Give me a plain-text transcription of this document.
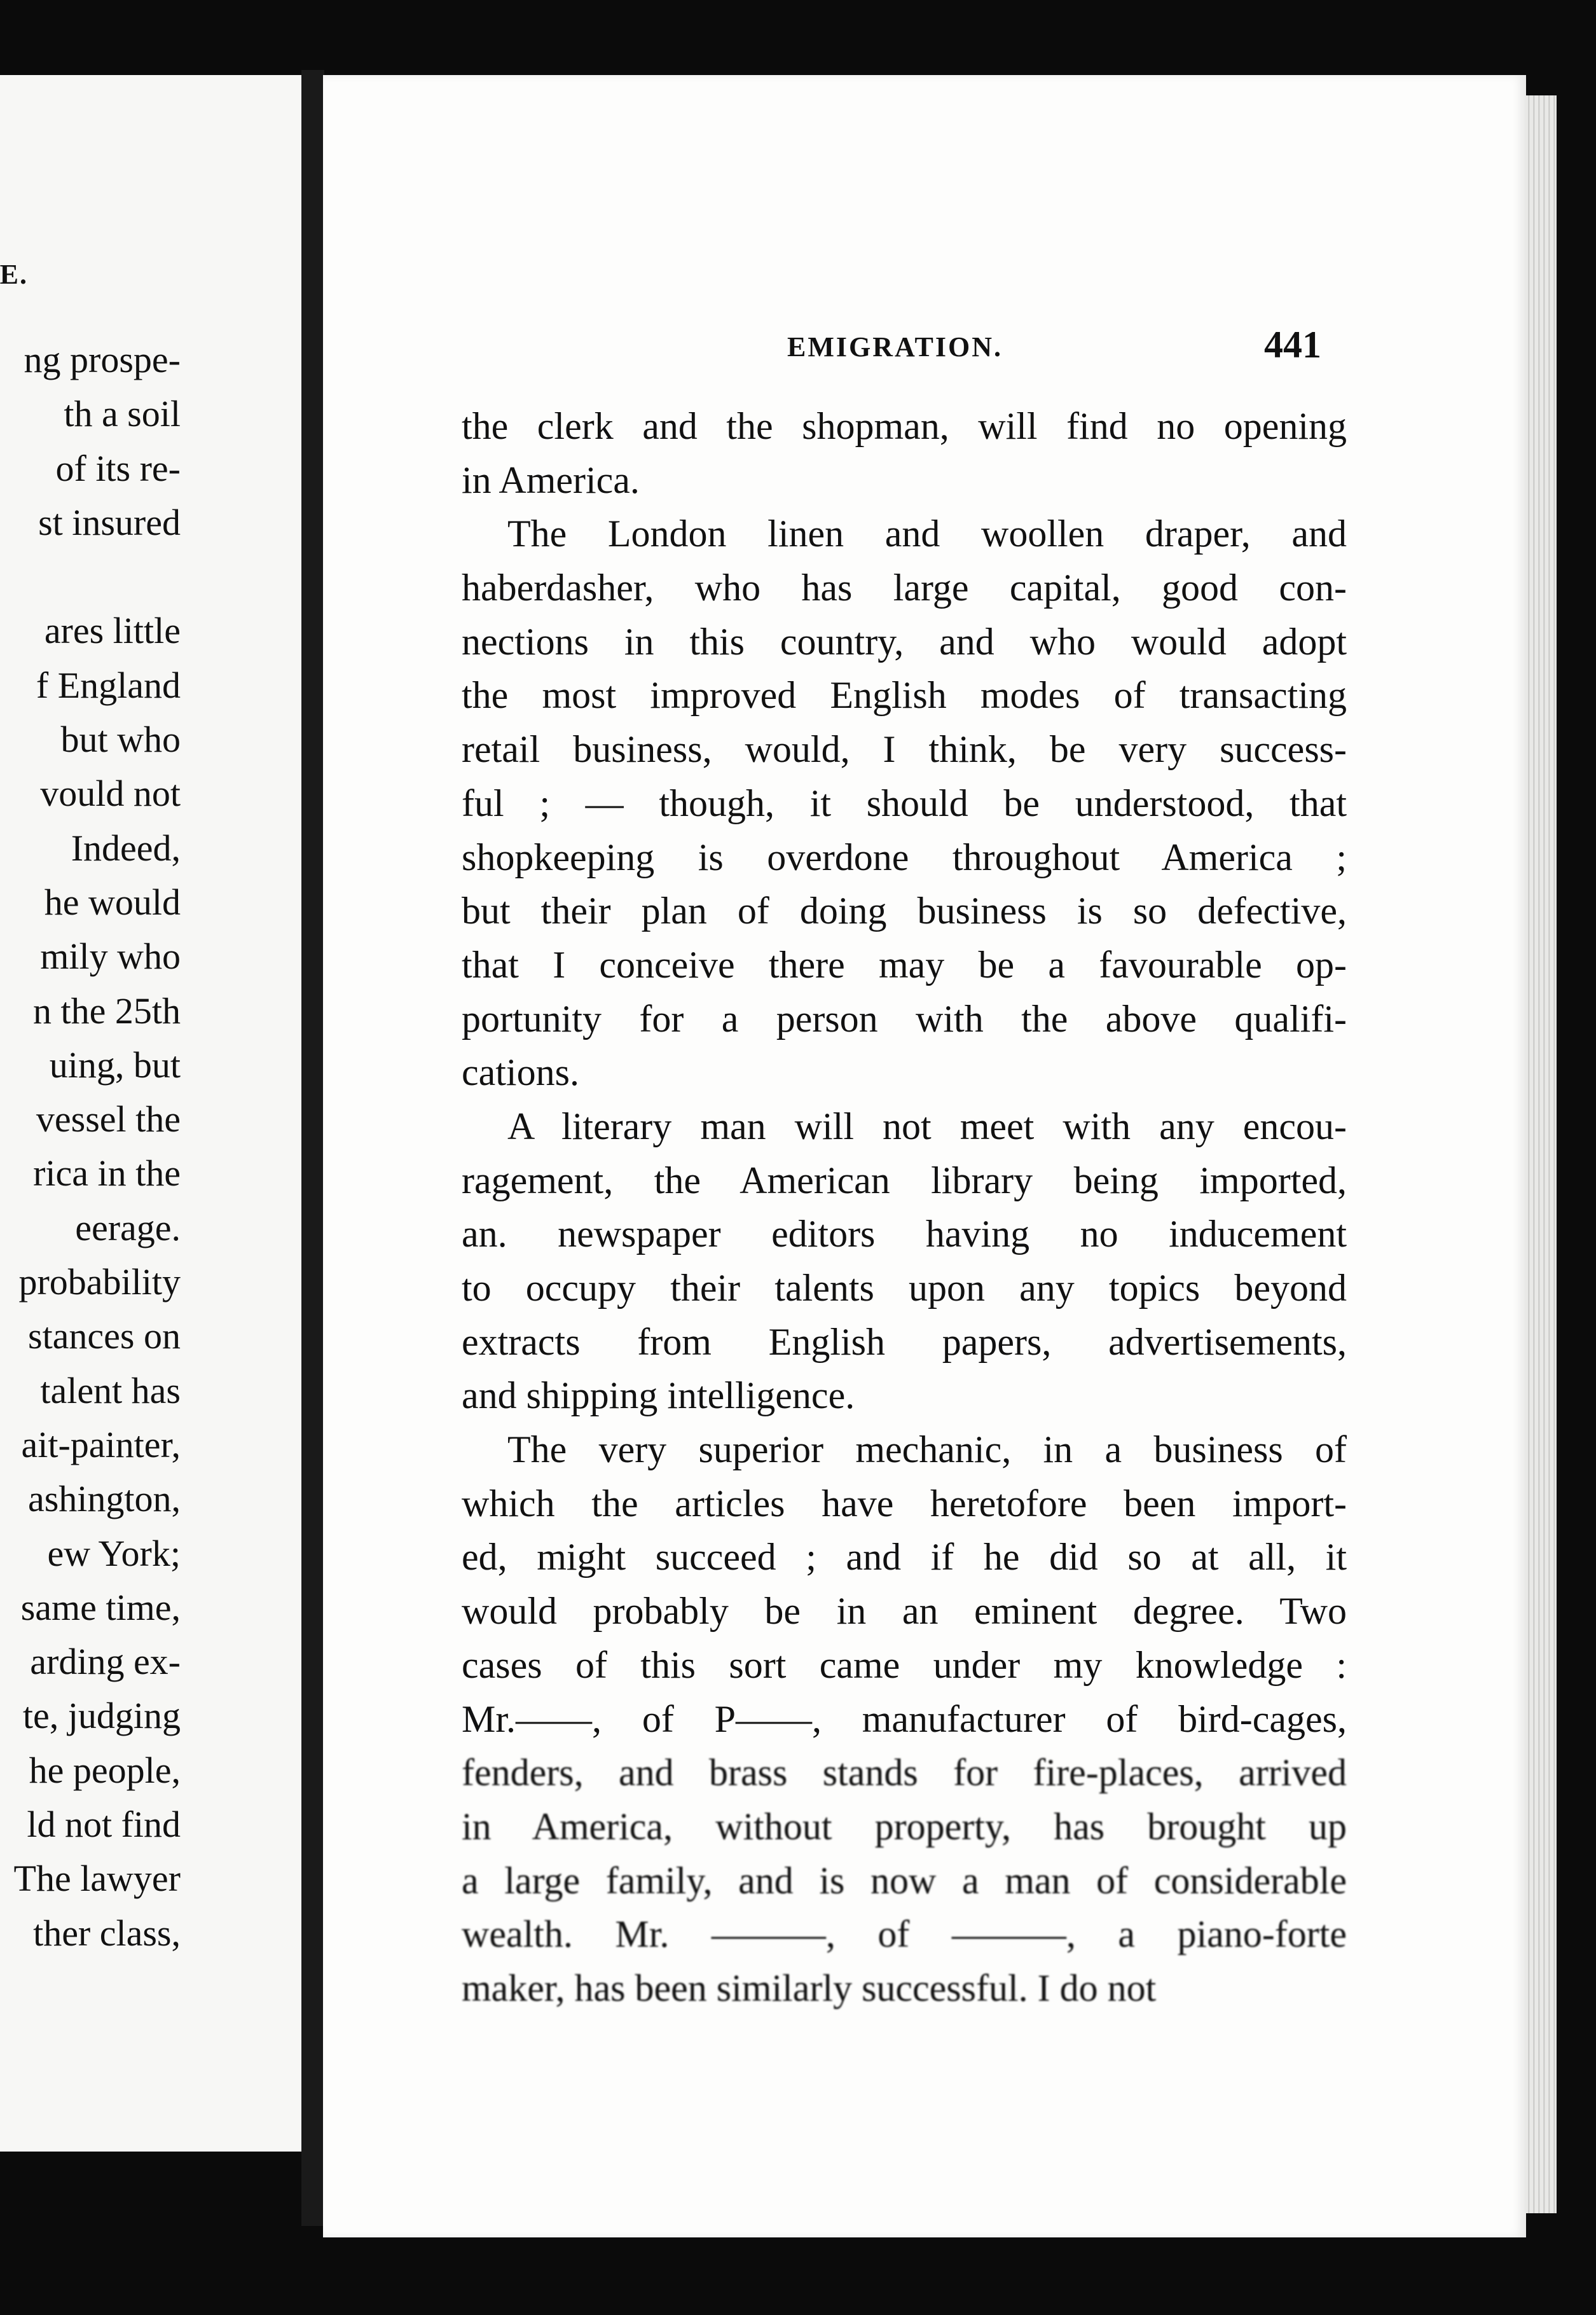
E.
ng prospe-
th a soil
of its re-
st insured

ares little
f England
but who
vould not
Indeed,
he would
mily who
n the 25th
uing, but
vessel the
rica in the
eerage.
probability
stances on
talent has
ait-painter,
ashington,
ew York;
same time,
arding ex-
te, judging
he people,
ld not find
The lawyer
ther class,
EMIGRATION.	441
the clerk and the shopman, will find no opening
in America.
The London linen and woollen draper, and
haberdasher, who has large capital, good con-
nections in this country, and who would adopt
the most improved English modes of transacting
retail business, would, I think, be very success-
ful ; — though, it should be understood, that
shopkeeping is overdone throughout America ;
but their plan of doing business is so defective,
that I conceive there may be a favourable op-
portunity for a person with the above qualifi-
cations.
A literary man will not meet with any encou-
ragement, the American library being imported,
an. newspaper editors having no inducement
to occupy their talents upon any topics beyond
extracts from English papers, advertisements,
and shipping intelligence.
The very superior mechanic, in a business of
which the articles have heretofore been import-
ed, might succeed ; and if he did so at all, it
would probably be in an eminent degree. Two
cases of this sort came under my knowledge :
Mr.——, of P——, manufacturer of bird-cages,
fenders, and brass stands for fire-places, arrived
in America, without property, has brought up
a large family, and is now a man of considerable
wealth. Mr. ———, of ———, a piano-forte
maker, has been similarly successful. I do not
